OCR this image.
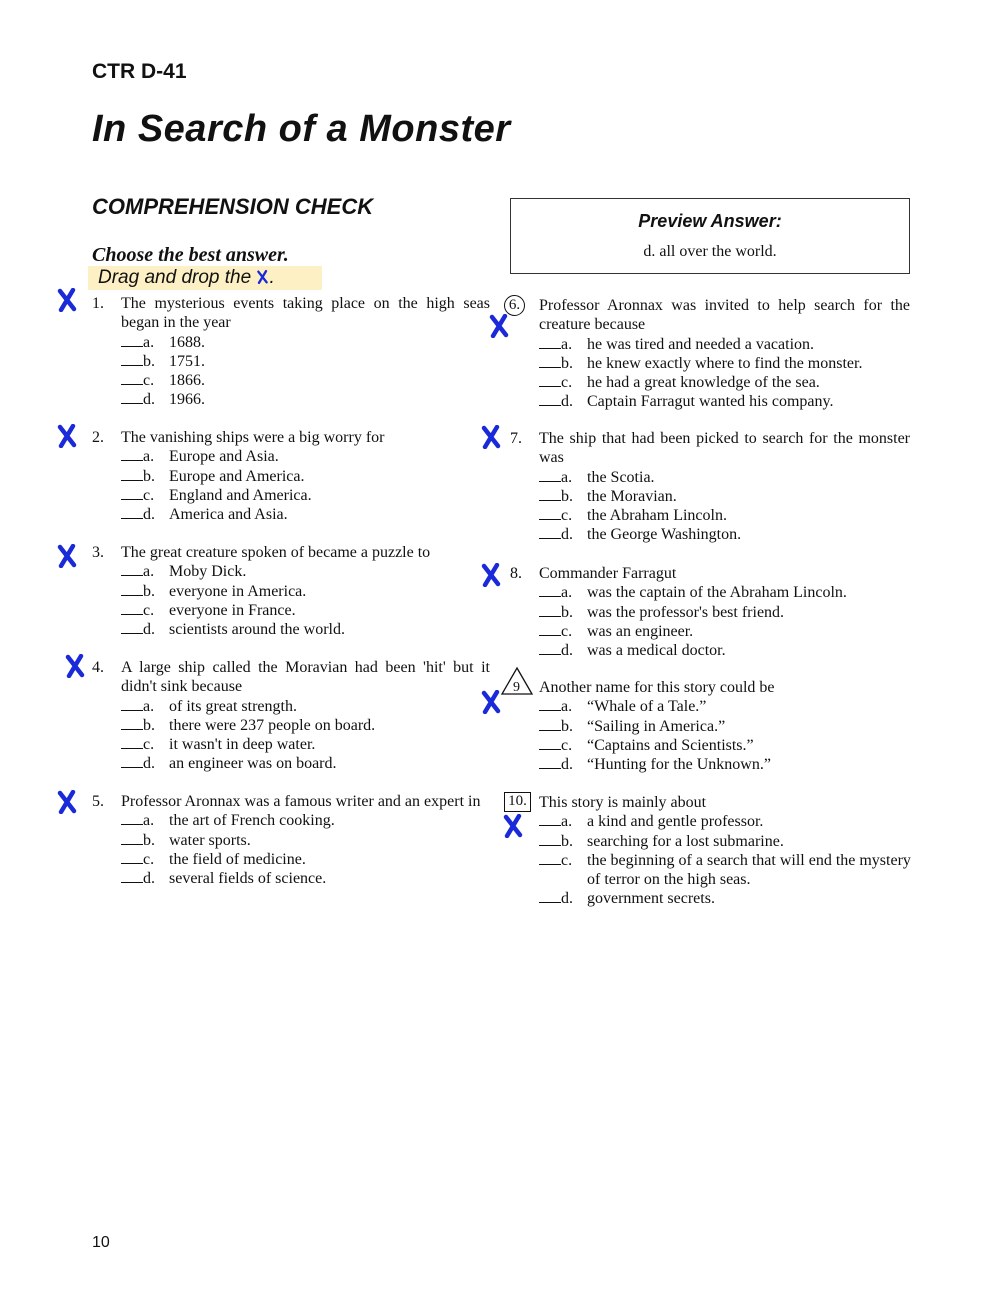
CTR D-41
In Search of a Monster
COMPREHENSION CHECK
Choose the best answer.
Drag and drop the .
Preview Answer:
d. all over the world.
1.	The mysterious events taking place on the high seas began in the year
a. 1688.
b. 1751.
c. 1866.
d. 1966.
2.	The vanishing ships were a big worry for
a. Europe and Asia.
b. Europe and America.
c. England and America.
d. America and Asia.
3.	The great creature spoken of became a puzzle to
a. Moby Dick.
b. everyone in America.
c. everyone in France.
d. scientists around the world.
4.	A large ship called the Moravian had been 'hit' but it didn't sink because
a. of its great strength.
b. there were 237 people on board.
c. it wasn't in deep water.
d. an engineer was on board.
5.	Professor Aronnax was a famous writer and an expert in
a. the art of French cooking.
b. water sports.
c. the field of medicine.
d. several fields of science.
6.	Professor Aronnax was invited to help search for the creature because
a. he was tired and needed a vacation.
b. he knew exactly where to find the monster.
c. he had a great knowledge of the sea.
d. Captain Farragut wanted his company.
7.	The ship that had been picked to search for the monster was
a. the Scotia.
b. the Moravian.
c. the Abraham Lincoln.
d. the George Washington.
8.	Commander Farragut
a. was the captain of the Abraham Lincoln.
b. was the professor's best friend.
c. was an engineer.
d. was a medical doctor.
9 Another name for this story could be
a. “Whale of a Tale.”
b. “Sailing in America.”
c. “Captains and Scientists.”
d. “Hunting for the Unknown.”
10. This story is mainly about
a. a kind and gentle professor.
b. searching for a lost submarine.
c. the beginning of a search that will end the mystery of terror on the high seas.
d. government secrets.
10
